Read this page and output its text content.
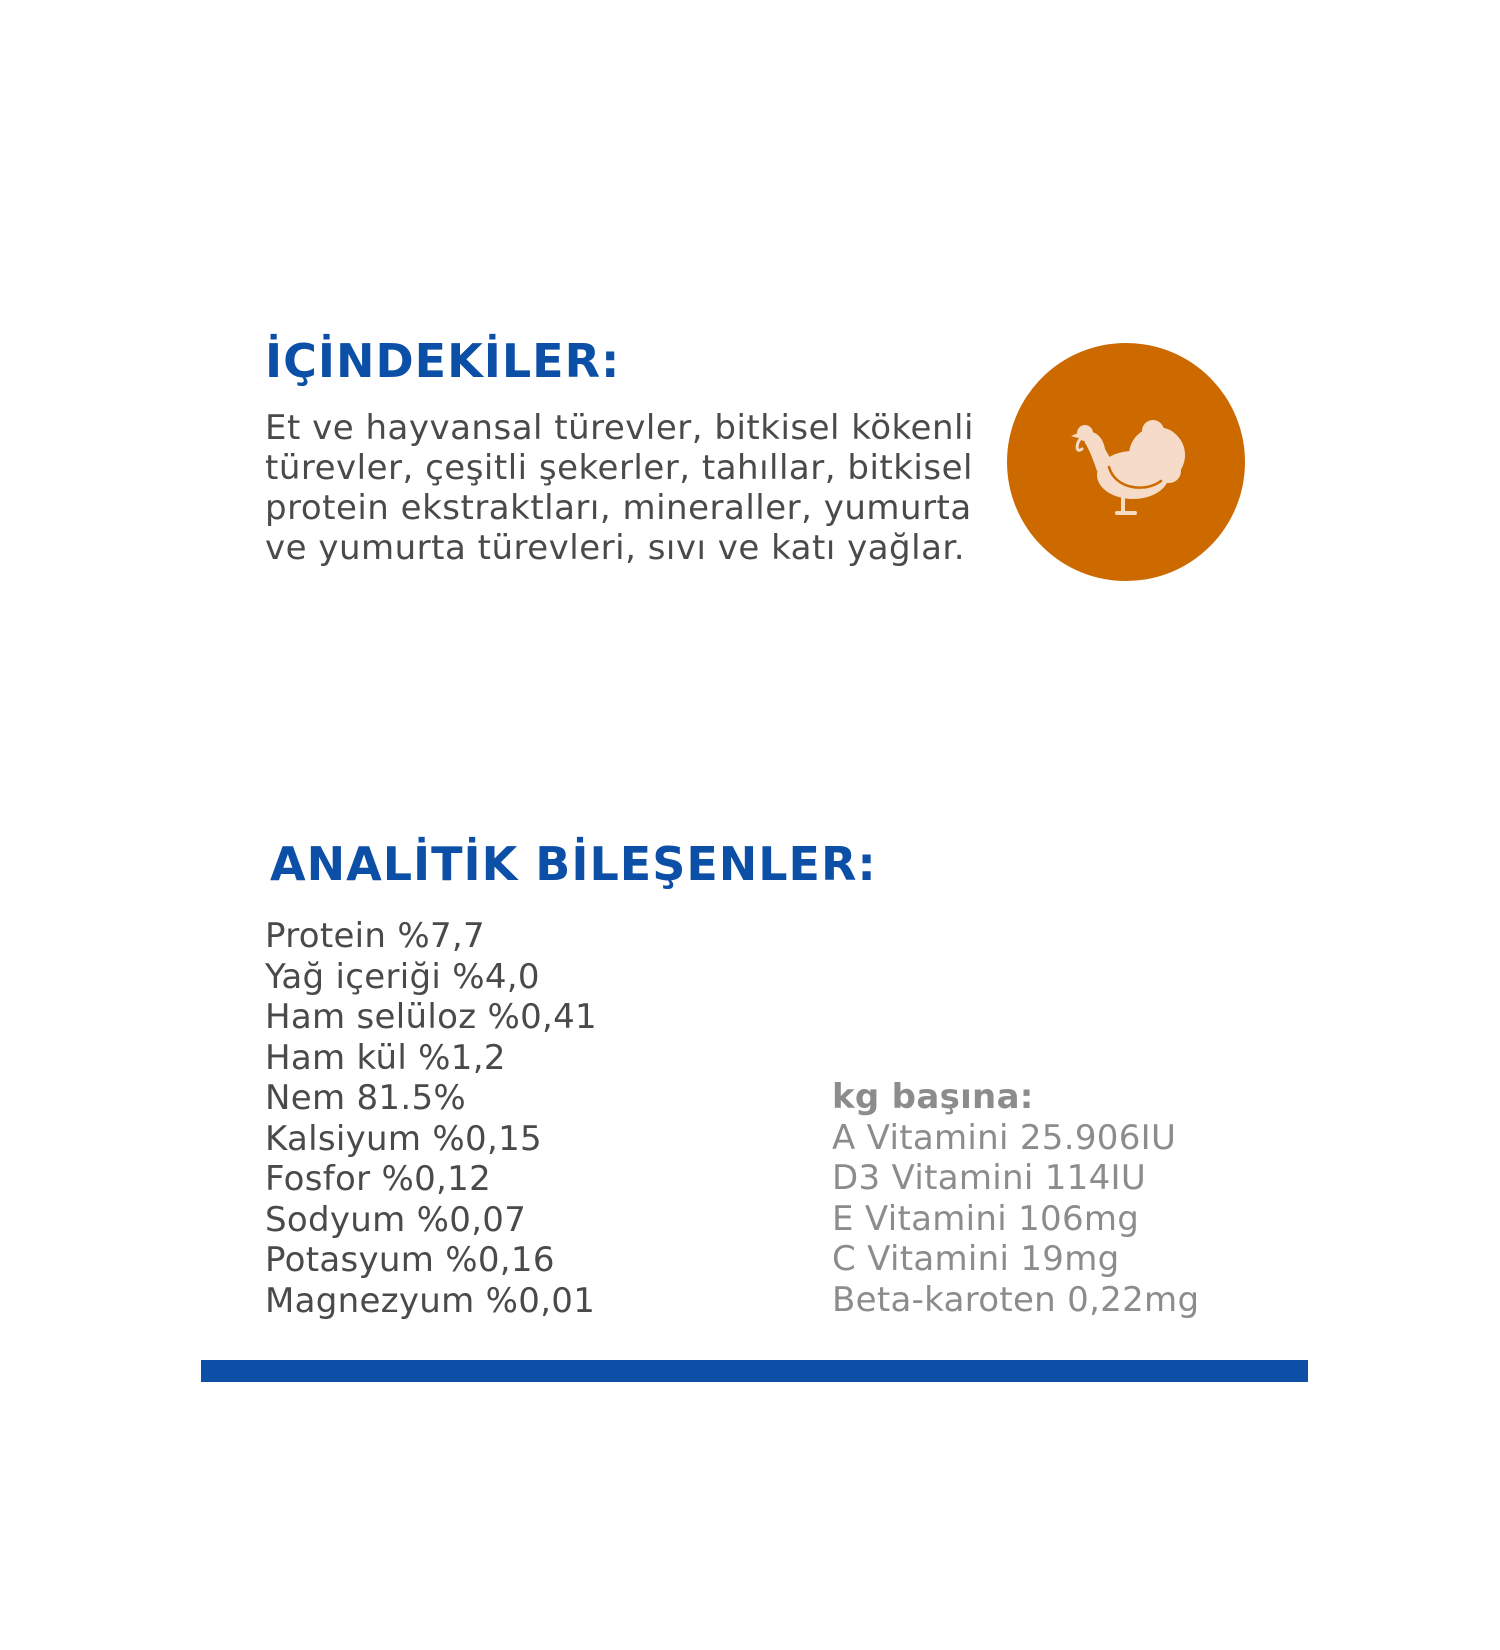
İÇİNDEKİLER:

Et ve hayvansal türevler, bitkisel kökenli türevler, çeşitli şekerler, tahıllar, bitkisel protein ekstraktları, mineraller, yumurta ve yumurta türevleri, sıvı ve katı yağlar.

ANALİTİK BİLEŞENLER:
Protein %7,7
Yağ içeriği %4,0
Ham selüloz %0,41
Ham kül %1,2
Nem 81.5%
Kalsiyum %0,15
Fosfor %0,12
Sodyum %0,07
Potasyum %0,16
Magnezyum %0,01

kg başına:

A Vitamini 25.906IU
D3 Vitamini 114IU
E Vitamini 106mg
C Vitamini 19mg
Beta-karoten 0,22mg
